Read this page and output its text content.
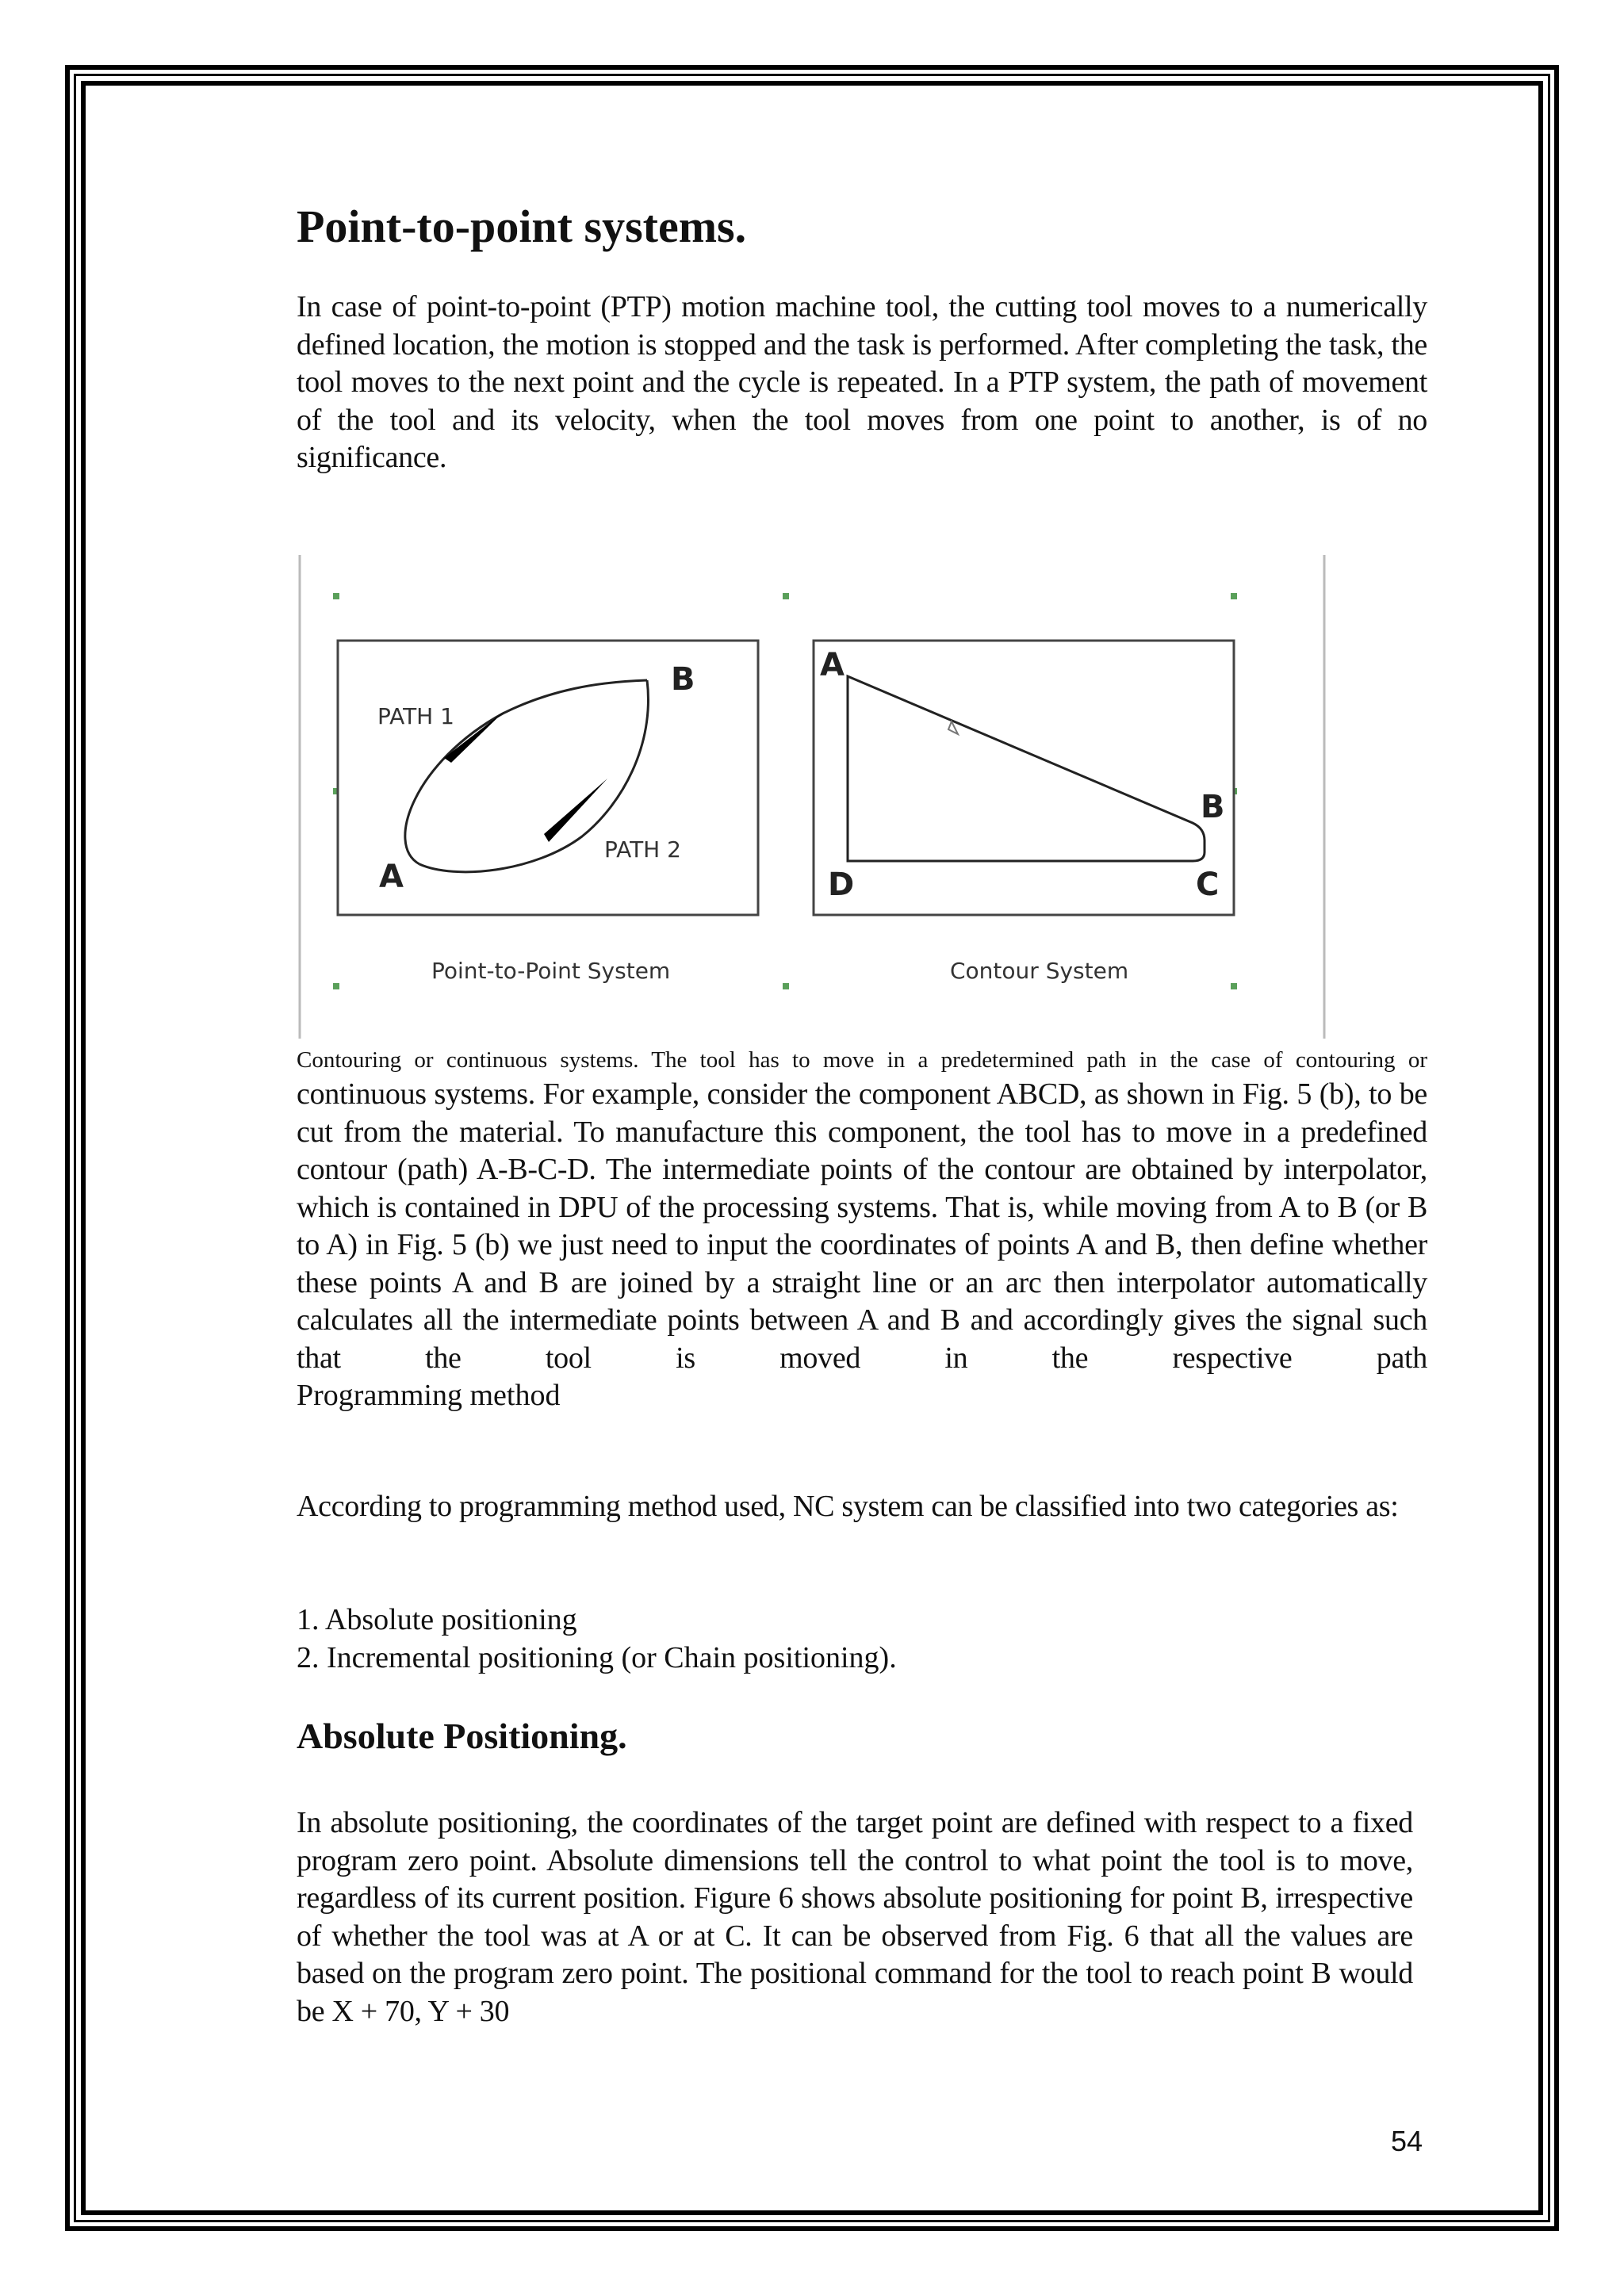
Point-to-point systems.

In case of point-to-point (PTP) motion machine tool, the cutting tool moves to a numerically defined location, the motion is stopped and the task is performed. After completing the task, the tool moves to the next point and the cycle is repeated. In a PTP system, the path of movement of the tool and its velocity, when the tool moves from one point to another, is of no significance.

PATH 1
PATH 2
A
B
Point-to-Point System
A
B
C
D
Contour System

Contouring or continuous systems. The tool has to move in a predetermined path in the case of contouring or

continuous systems. For example, consider the component ABCD, as shown in Fig. 5 (b), to be cut from the material. To manufacture this component, the tool has to move in a predefined contour (path) A-B-C-D. The intermediate points of the contour are obtained by interpolator, which is contained in DPU of the processing systems. That is, while moving from A to B (or B to A) in Fig. 5 (b) we just need to input the coordinates of points A and B, then define whether these points A and B are joined by a straight line or an arc then interpolator automatically calculates all the intermediate points between A and B and accordingly gives the signal such that the tool is moved in the respective path

Programming method

According to programming method used, NC system can be classified into two categories as:

1. Absolute positioning
2. Incremental positioning (or Chain positioning).
Absolute Positioning.

In absolute positioning, the coordinates of the target point are defined with respect to a fixed program zero point. Absolute dimensions tell the control to what point the tool is to move, regardless of its current position. Figure 6 shows absolute positioning for point B, irrespective of whether the tool was at A or at C. It can be observed from Fig. 6 that all the values are based on the program zero point. The positional command for the tool to reach point B would be X + 70, Y + 30

54
